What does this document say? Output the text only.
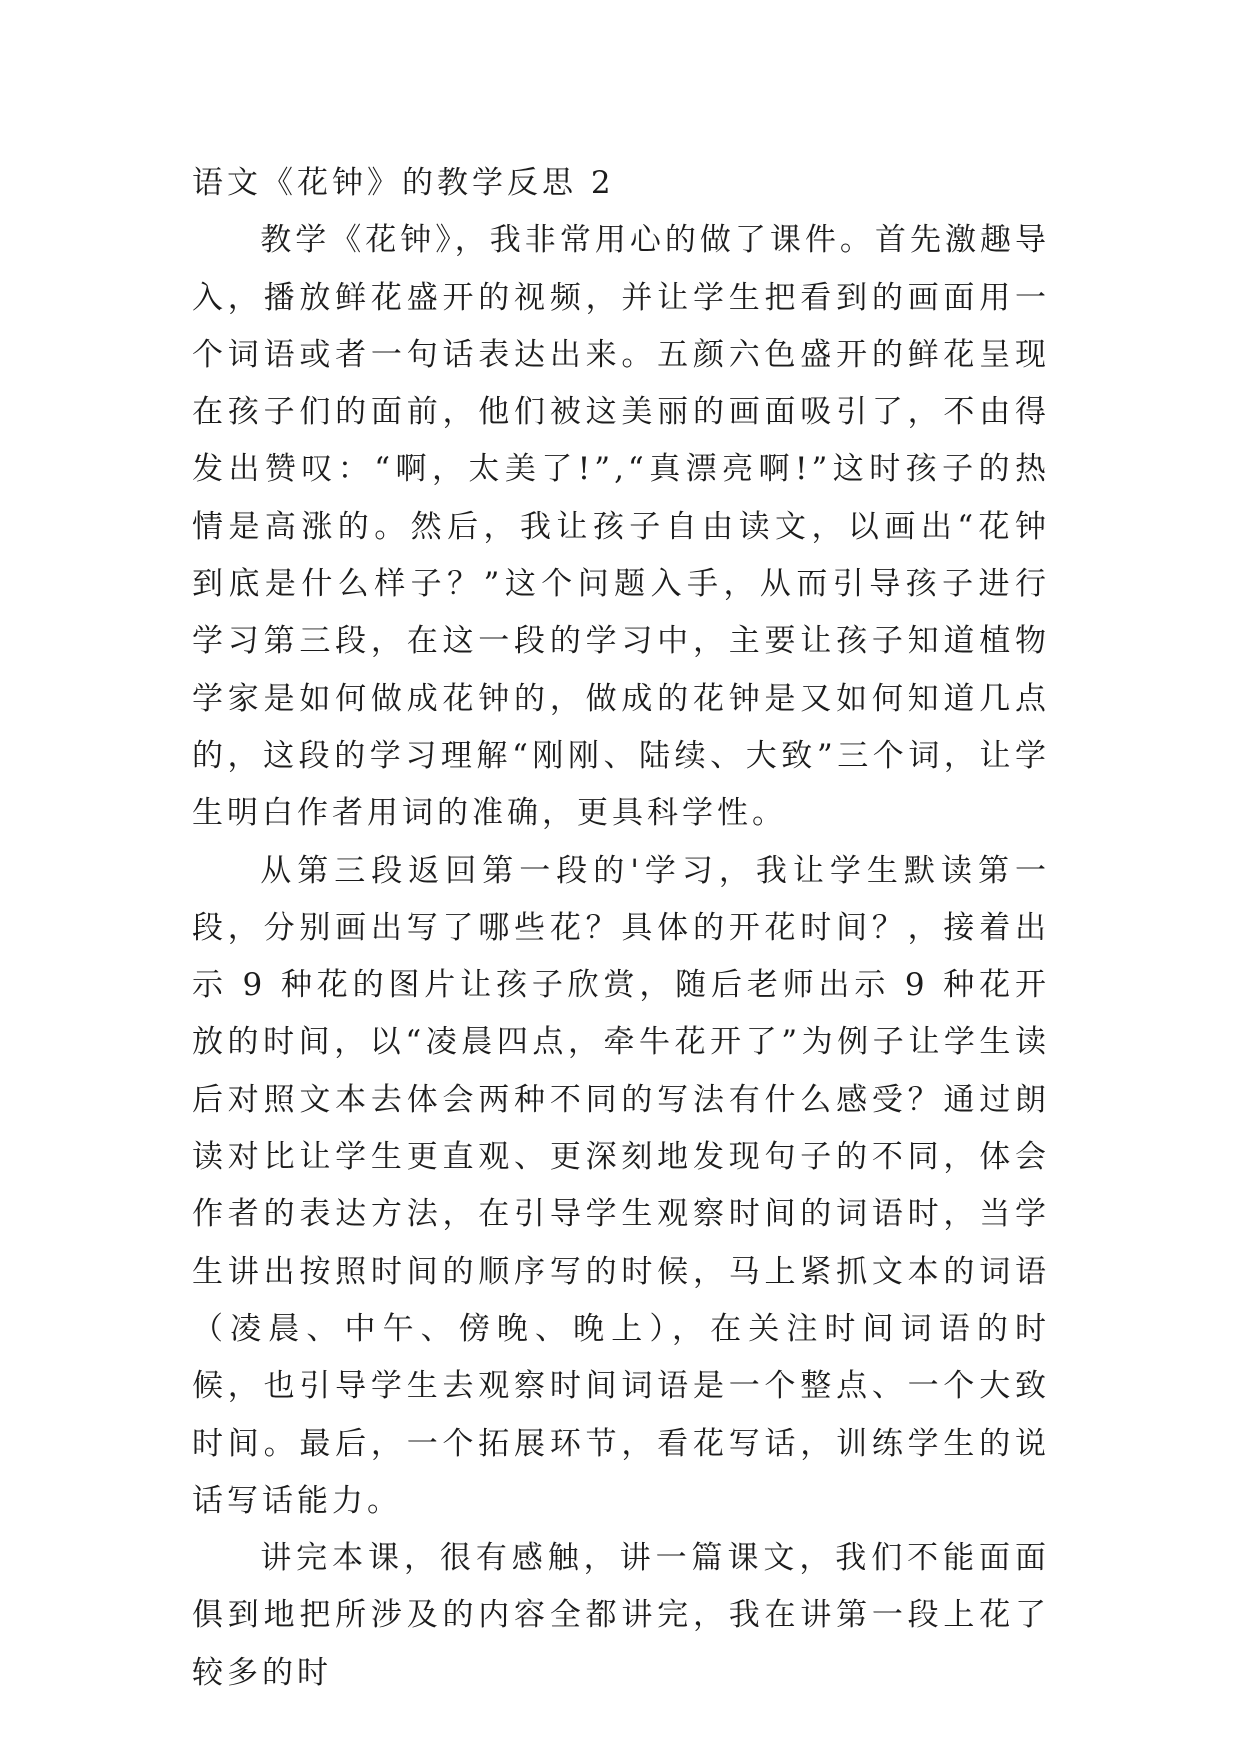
语文《花钟》的教学反思 2

教学《花钟》，我非常用心的做了课件。首先激趣导入，播放鲜花盛开的视频，并让学生把看到的画面用一个词语或者一句话表达出来。五颜六色盛开的鲜花呈现在孩子们的面前，他们被这美丽的画面吸引了，不由得发出赞叹：“啊，太美了!”,“真漂亮啊!”这时孩子的热情是高涨的。然后，我让孩子自由读文，以画出“花钟到底是什么样子？”这个问题入手，从而引导孩子进行学习第三段，在这一段的学习中，主要让孩子知道植物学家是如何做成花钟的，做成的花钟是又如何知道几点的，这段的学习理解“刚刚、陆续、大致”三个词，让学生明白作者用词的准确，更具科学性。

从第三段返回第一段的'学习，我让学生默读第一段，分别画出写了哪些花？具体的开花时间？，接着出示 9 种花的图片让孩子欣赏，随后老师出示 9 种花开放的时间，以“凌晨四点，牵牛花开了”为例子让学生读后对照文本去体会两种不同的写法有什么感受？通过朗读对比让学生更直观、更深刻地发现句子的不同，体会作者的表达方法，在引导学生观察时间的词语时，当学生讲出按照时间的顺序写的时候，马上紧抓文本的词语（凌晨、中午、傍晚、晚上），在关注时间词语的时候，也引导学生去观察时间词语是一个整点、一个大致时间。最后，一个拓展环节，看花写话，训练学生的说话写话能力。

讲完本课，很有感触，讲一篇课文，我们不能面面俱到地把所涉及的内容全都讲完，我在讲第一段上花了较多的时
